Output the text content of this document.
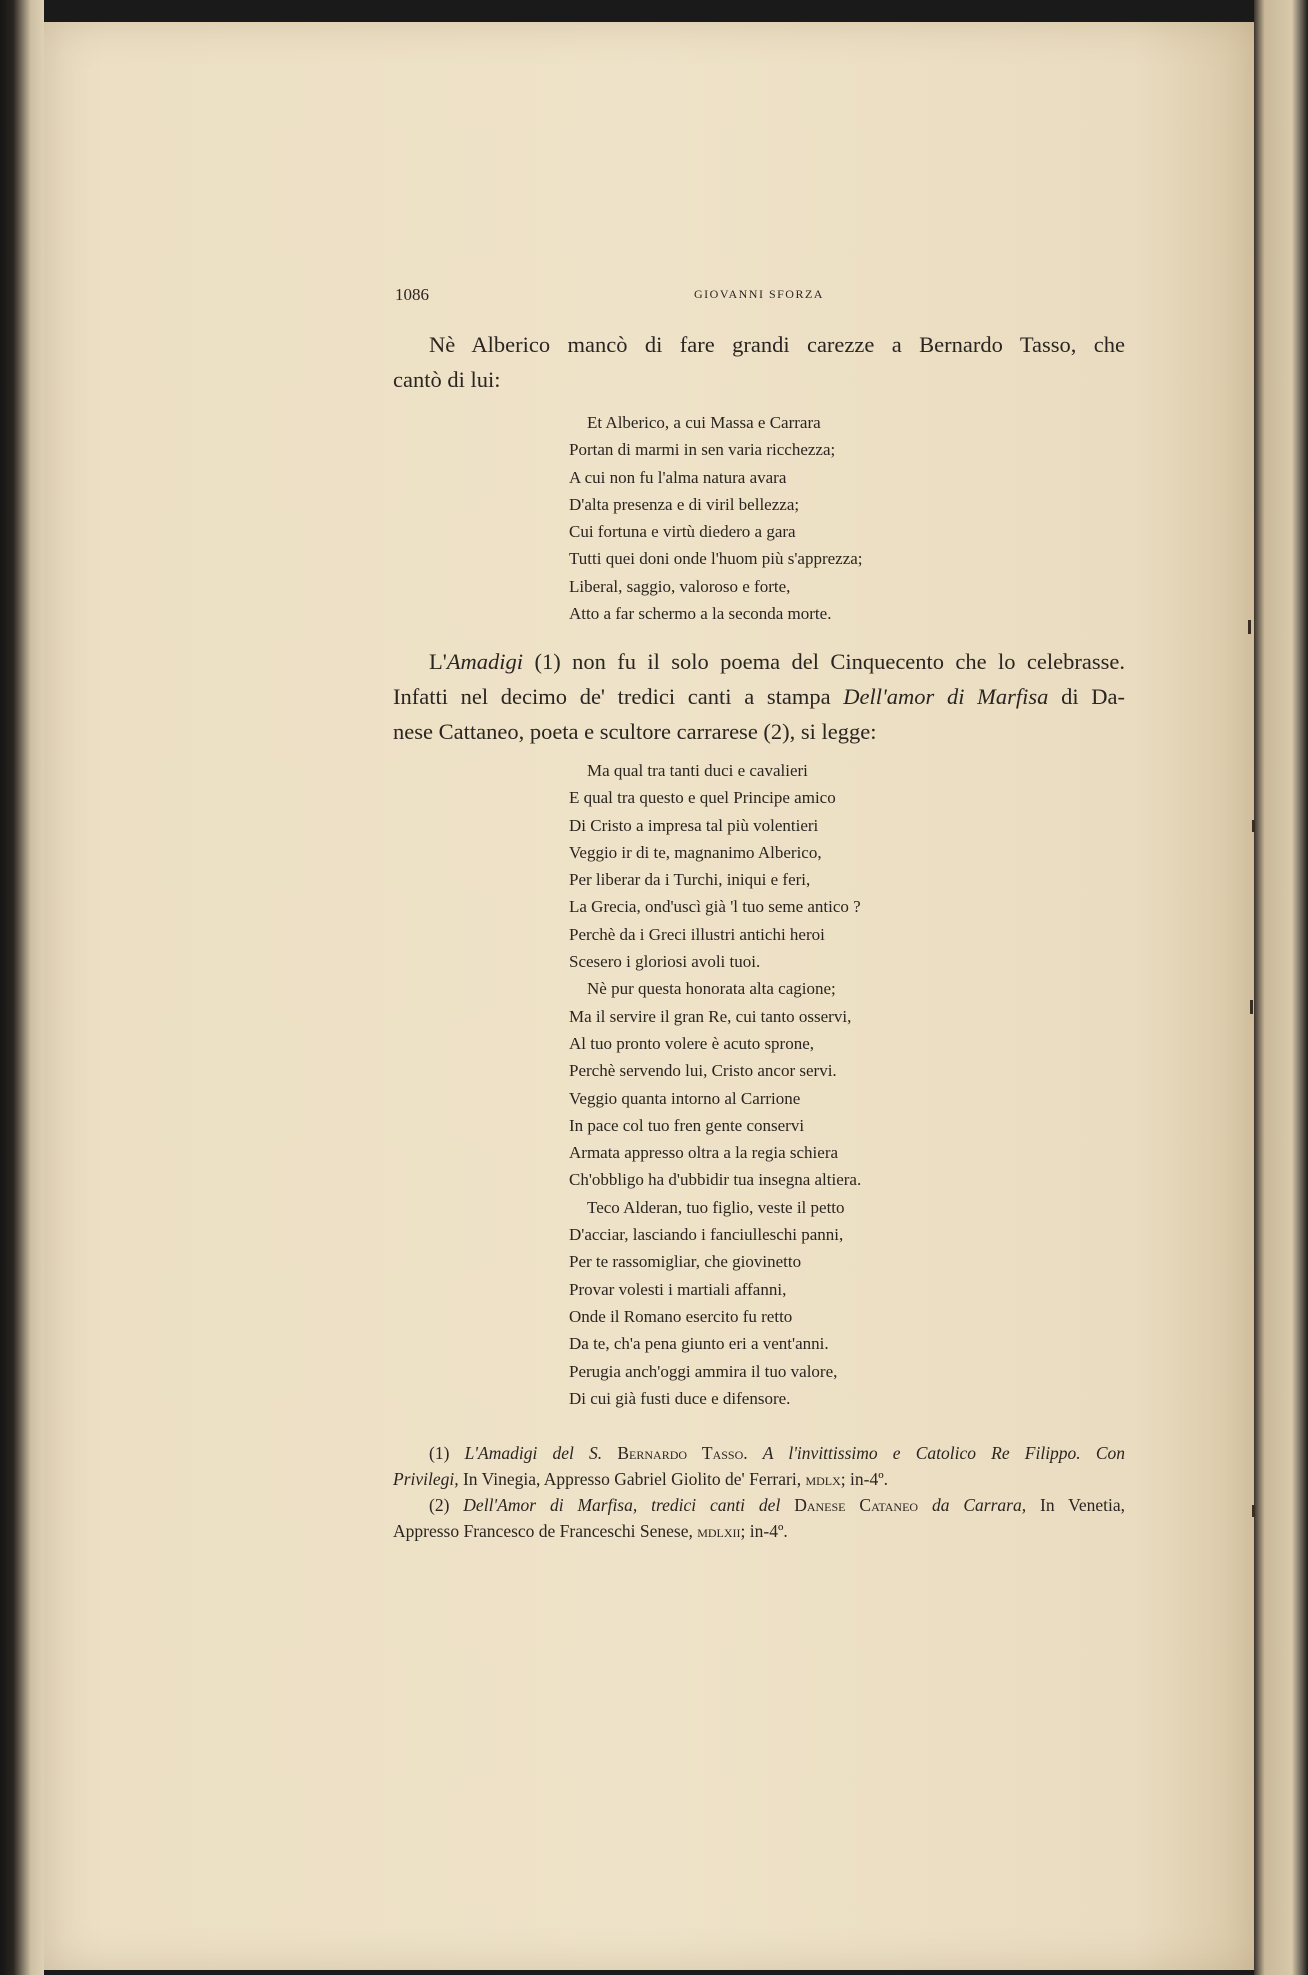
1086	GIOVANNI SFORZA
Nè Alberico mancò di fare grandi carezze a Bernardo Tasso, che
cantò di lui:
Et Alberico, a cui Massa e Carrara
Portan di marmi in sen varia ricchezza;
A cui non fu l'alma natura avara
D'alta presenza e di viril bellezza;
Cui fortuna e virtù diedero a gara
Tutti quei doni onde l'huom più s'apprezza;
Liberal, saggio, valoroso e forte,
Atto a far schermo a la seconda morte.
L'Amadigi (1) non fu il solo poema del Cinquecento che lo celebrasse.
Infatti nel decimo de' tredici canti a stampa Dell'amor di Marfisa di Da-
nese Cattaneo, poeta e scultore carrarese (2), si legge:
Ma qual tra tanti duci e cavalieri
E qual tra questo e quel Principe amico
Di Cristo a impresa tal più volentieri
Veggio ir di te, magnanimo Alberico,
Per liberar da i Turchi, iniqui e feri,
La Grecia, ond'uscì già 'l tuo seme antico ?
Perchè da i Greci illustri antichi heroi
Scesero i gloriosi avoli tuoi.
Nè pur questa honorata alta cagione;
Ma il servire il gran Re, cui tanto osservi,
Al tuo pronto volere è acuto sprone,
Perchè servendo lui, Cristo ancor servi.
Veggio quanta intorno al Carrione
In pace col tuo fren gente conservi
Armata appresso oltra a la regia schiera
Ch'obbligo ha d'ubbidir tua insegna altiera.
Teco Alderan, tuo figlio, veste il petto
D'acciar, lasciando i fanciulleschi panni,
Per te rassomigliar, che giovinetto
Provar volesti i martiali affanni,
Onde il Romano esercito fu retto
Da te, ch'a pena giunto eri a vent'anni.
Perugia anch'oggi ammira il tuo valore,
Di cui già fusti duce e difensore.
(1) L'Amadigi del S. Bernardo Tasso. A l'invittissimo e Catolico Re Filippo. Con
Privilegi, In Vinegia, Appresso Gabriel Giolito de' Ferrari, mdlx; in-4º.
(2) Dell'Amor di Marfisa, tredici canti del Danese Cataneo da Carrara, In Venetia,
Appresso Francesco de Franceschi Senese, mdlxii; in-4º.
